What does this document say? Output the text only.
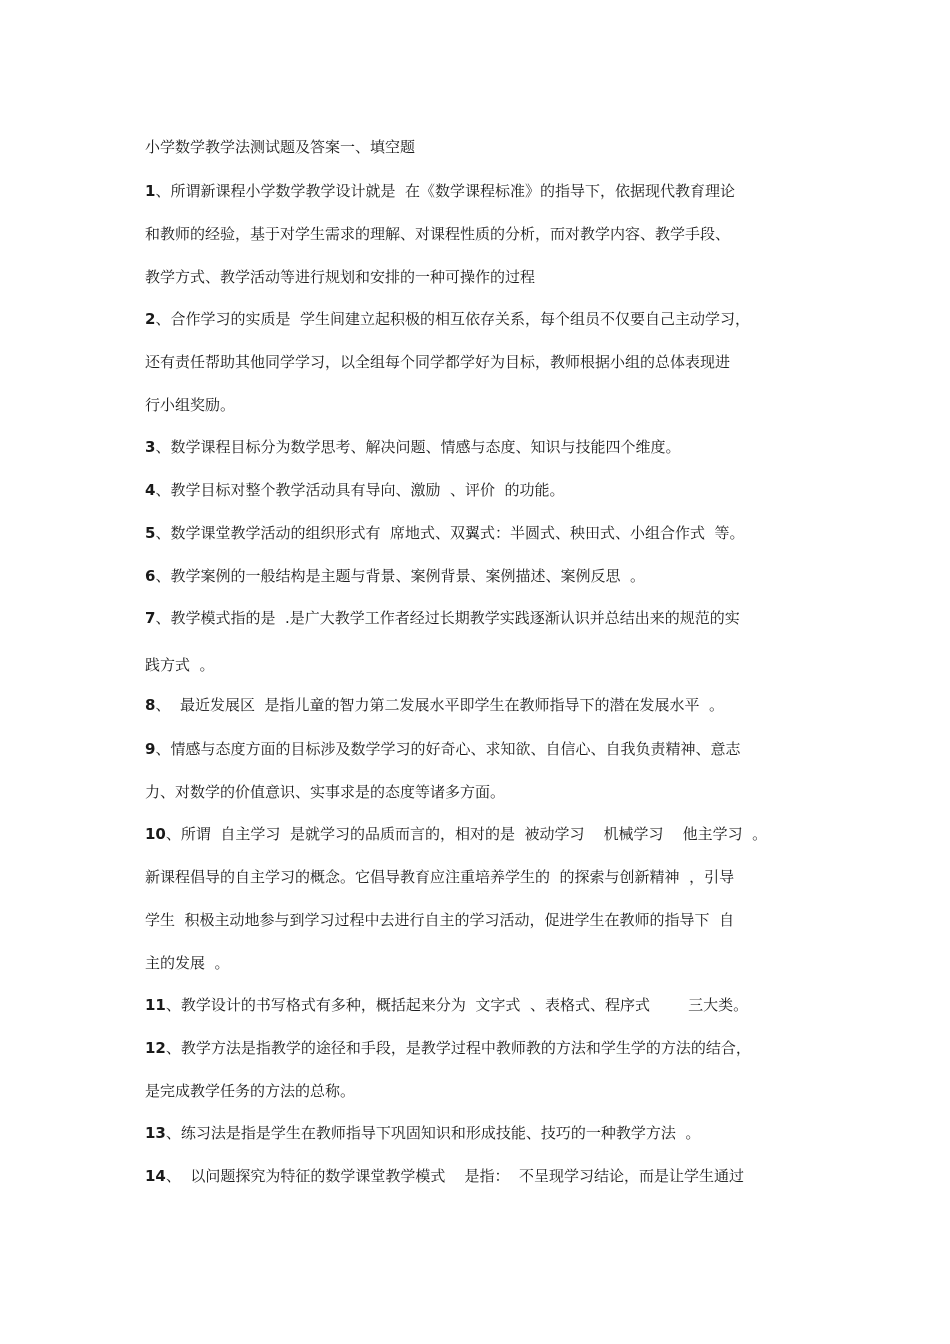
小学数学教学法测试题及答案一、填空题
1、所谓新课程小学数学教学设计就是  在《数学课程标准》的指导下，依据现代教育理论
和教师的经验，基于对学生需求的理解、对课程性质的分析，而对教学内容、教学手段、
教学方式、教学活动等进行规划和安排的一种可操作的过程
2、合作学习的实质是  学生间建立起积极的相互依存关系，每个组员不仅要自己主动学习，
还有责任帮助其他同学学习，以全组每个同学都学好为目标，教师根据小组的总体表现进
行小组奖励。
3、数学课程目标分为数学思考、解决问题、情感与态度、知识与技能四个维度。
4、教学目标对整个教学活动具有导向、激励  、评价  的功能。
5、数学课堂教学活动的组织形式有  席地式、双翼式：半圆式、秧田式、小组合作式  等。
6、教学案例的一般结构是主题与背景、案例背景、案例描述、案例反思  。
7、教学模式指的是  .是广大教学工作者经过长期教学实践逐渐认识并总结出来的规范的实
践方式  。
8、  最近发展区  是指儿童的智力第二发展水平即学生在教师指导下的潜在发展水平  。
9、情感与态度方面的目标涉及数学学习的好奇心、求知欲、自信心、自我负责精神、意志
力、对数学的价值意识、实事求是的态度等诸多方面。
10、所谓  自主学习  是就学习的品质而言的，相对的是  被动学习    机械学习    他主学习  。
新课程倡导的自主学习的概念。它倡导教育应注重培养学生的  的探索与创新精神  ，引导
学生  积极主动地参与到学习过程中去进行自主的学习活动，促进学生在教师的指导下  自
主的发展  。
11、教学设计的书写格式有多种，概括起来分为  文字式  、表格式、程序式        三大类。
12、教学方法是指教学的途径和手段，是教学过程中教师教的方法和学生学的方法的结合，
是完成教学任务的方法的总称。
13、练习法是指是学生在教师指导下巩固知识和形成技能、技巧的一种教学方法  。
14、  以问题探究为特征的数学课堂教学模式    是指：  不呈现学习结论，而是让学生通过
